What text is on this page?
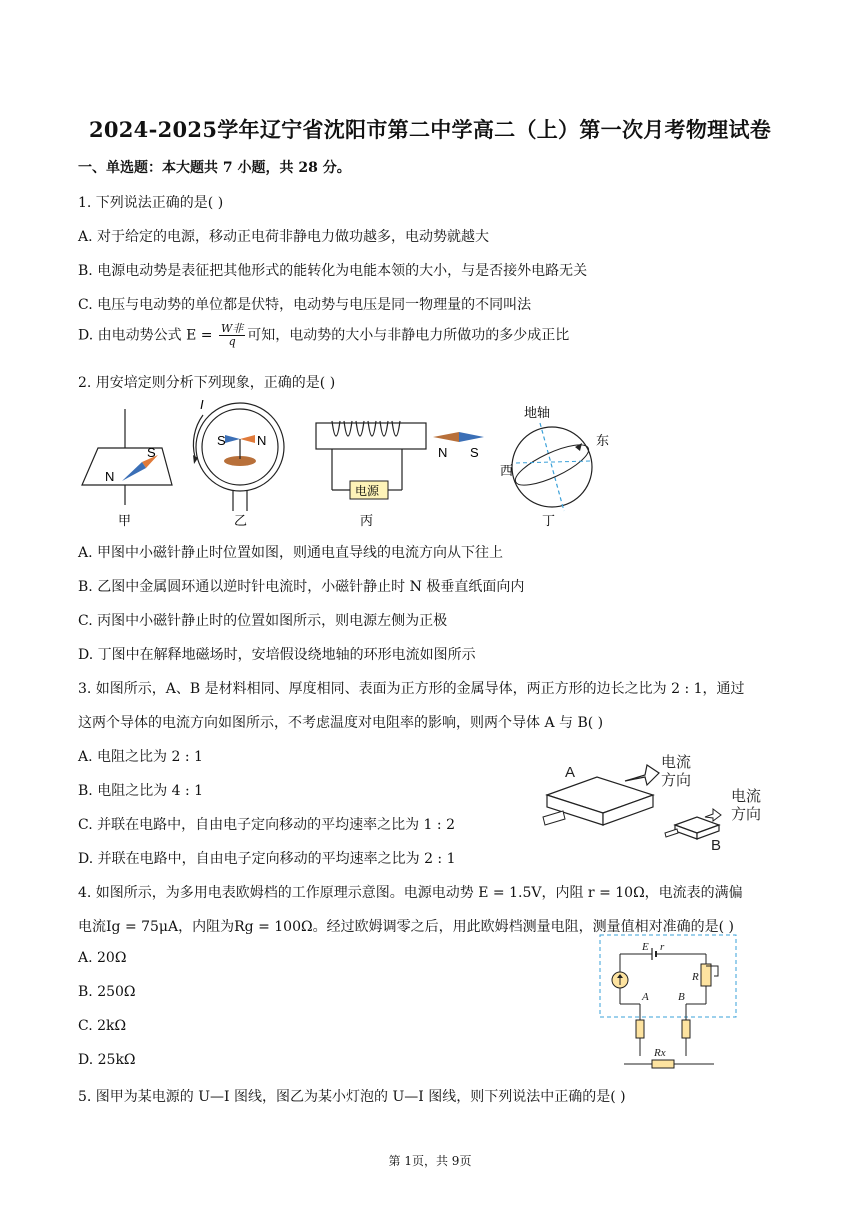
2024-2025学年辽宁省沈阳市第二中学高二（上）第一次月考物理试卷
一、单选题：本大题共 7 小题，共 28 分。
1. 下列说法正确的是( )
A. 对于给定的电源，移动正电荷非静电力做功越多，电动势就越大
B. 电源电动势是表征把其他形式的能转化为电能本领的大小，与是否接外电路无关
C. 电压与电动势的单位都是伏特，电动势与电压是同一物理量的不同叫法
D. 由电动势公式 $E = \frac{\text{W非}}{q}$ 可知，电动势的大小与非静电力所做功的多少成正比
2. 用安培定则分析下列现象，正确的是( )
S
N
甲
I
S N
乙
电源
N S
丙
地轴
东
西
丁
A. 甲图中小磁针静止时位置如图，则通电直导线的电流方向从下往上
B. 乙图中金属圆环通以逆时针电流时，小磁针静止时 N 极垂直纸面向内
C. 丙图中小磁针静止时的位置如图所示，则电源左侧为正极
D. 丁图中在解释地磁场时，安培假设绕地轴的环形电流如图所示
3. 如图所示，A、B 是材料相同、厚度相同、表面为正方形的金属导体，两正方形的边长之比为 2 : 1，通过
这两个导体的电流方向如图所示，不考虑温度对电阻率的影响，则两个导体 A 与 B( )
A. 电阻之比为 2 : 1
B. 电阻之比为 4 : 1
C. 并联在电路中，自由电子定向移动的平均速率之比为 1 : 2
D. 并联在电路中，自由电子定向移动的平均速率之比为 2 : 1
A
电流
方向
电流
方向
B
4. 如图所示，为多用电表欧姆档的工作原理示意图。电源电动势 E = 1.5V，内阻 r = 10Ω，电流表的满偏
电流Ig = 75μA，内阻为Rg = 100Ω。经过欧姆调零之后，用此欧姆档测量电阻，测量值相对准确的是( )
A. 20Ω
B. 250Ω
C. 2kΩ
D. 25kΩ
E r
R
A	B
Rx
5. 图甲为某电源的 U—I 图线，图乙为某小灯泡的 U—I 图线，则下列说法中正确的是( )
第 1页，共 9页
